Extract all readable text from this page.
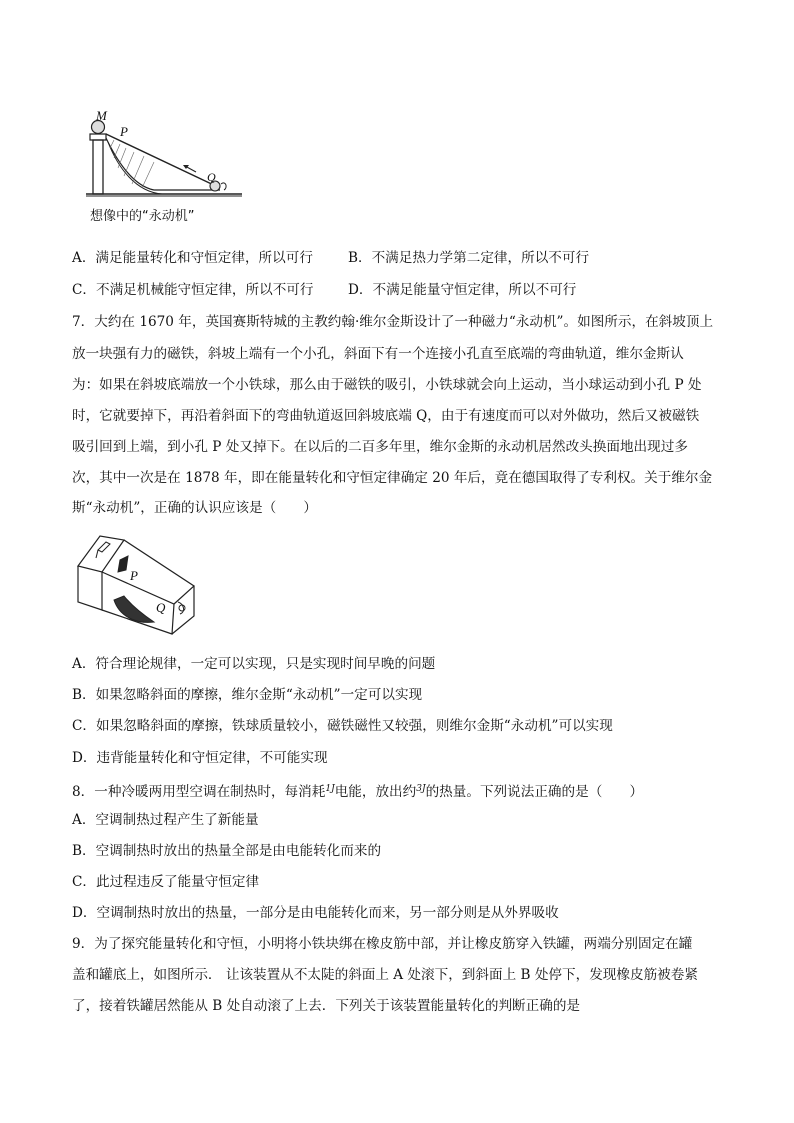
M
P
Q
想像中的“永动机”
A．满足能量转化和守恒定律，所以可行	B．不满足热力学第二定律，所以不可行
C．不满足机械能守恒定律，所以不可行	D．不满足能量守恒定律，所以不可行
7．大约在 1670 年，英国赛斯特城的主教约翰·维尔金斯设计了一种磁力“永动机”。如图所示，在斜坡顶上
放一块强有力的磁铁，斜坡上端有一个小孔，斜面下有一个连接小孔直至底端的弯曲轨道，维尔金斯认
为：如果在斜坡底端放一个小铁球，那么由于磁铁的吸引，小铁球就会向上运动，当小球运动到小孔 P 处
时，它就要掉下，再沿着斜面下的弯曲轨道返回斜坡底端 Q，由于有速度而可以对外做功，然后又被磁铁
吸引回到上端，到小孔 P 处又掉下。在以后的二百多年里，维尔金斯的永动机居然改头换面地出现过多
次，其中一次是在 1878 年，即在能量转化和守恒定律确定 20 年后，竟在德国取得了专利权。关于维尔金
斯“永动机”，正确的认识应该是（　　）
P
Q
A．符合理论规律，一定可以实现，只是实现时间早晚的问题
B．如果忽略斜面的摩擦，维尔金斯“永动机”一定可以实现
C．如果忽略斜面的摩擦，铁球质量较小，磁铁磁性又较强，则维尔金斯“永动机”可以实现
D．违背能量转化和守恒定律，不可能实现
8．一种冷暖两用型空调在制热时，每消耗$^{1J}$电能，放出约$^{3J}$的热量。下列说法正确的是（　　）
A．空调制热过程产生了新能量
B．空调制热时放出的热量全部是由电能转化而来的
C．此过程违反了能量守恒定律
D．空调制热时放出的热量，一部分是由电能转化而来，另一部分则是从外界吸收
9．为了探究能量转化和守恒，小明将小铁块绑在橡皮筋中部，并让橡皮筋穿入铁罐，两端分别固定在罐
盖和罐底上，如图所示． 让该装置从不太陡的斜面上 A 处滚下，到斜面上 B 处停下，发现橡皮筋被卷紧
了，接着铁罐居然能从 B 处自动滚了上去．下列关于该装置能量转化的判断正确的是
